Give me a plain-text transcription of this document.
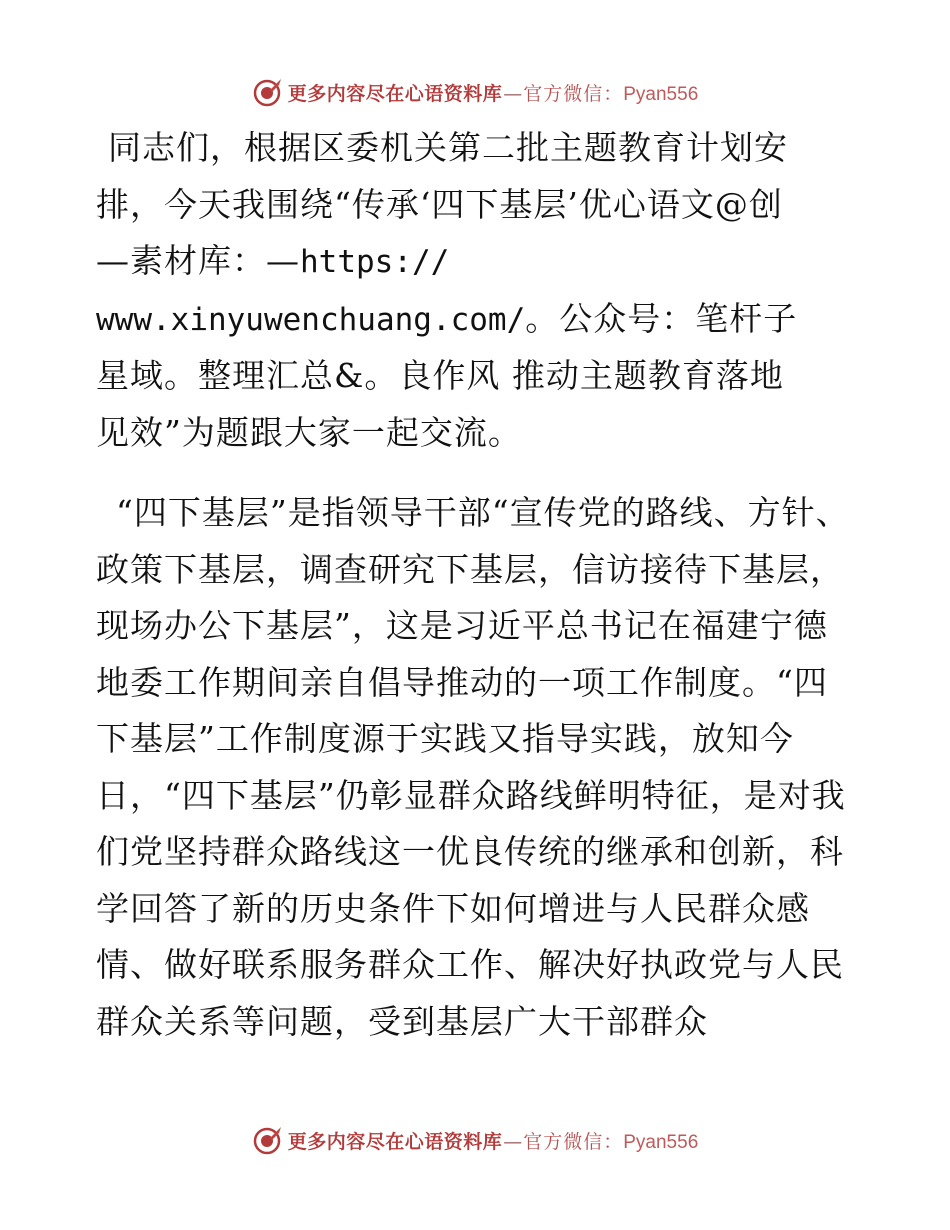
更多内容尽在心语资料库 — 官方微信： Pyan556

同志们，根据区委机关第二批主题教育计划安排，今天我围绕“传承‘四下基层’优心语文@创—素材库：—https://
www.xinyuwenchuang.com/。公众号：笔杆子星域。整理汇总&。良作风 推动主题教育落地见效”为题跟大家一起交流。

“四下基层”是指领导干部“宣传党的路线、方针、政策下基层，调查研究下基层，信访接待下基层，现场办公下基层”，这是习近平总书记在福建宁德地委工作期间亲自倡导推动的一项工作制度。“四下基层”工作制度源于实践又指导实践，放知今日，“四下基层”仍彰显群众路线鲜明特征，是对我们党坚持群众路线这一优良传统的继承和创新，科学回答了新的历史条件下如何增进与人民群众感情、做好联系服务群众工作、解决好执政党与人民群众关系等问题，受到基层广大干部群众

更多内容尽在心语资料库 — 官方微信： Pyan556
